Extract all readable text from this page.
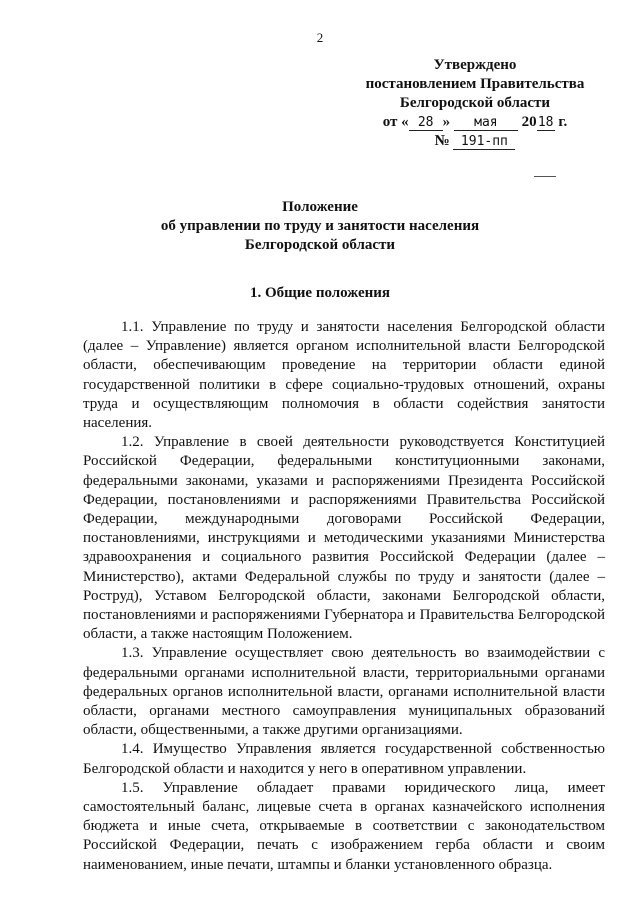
2
Утверждено
постановлением Правительства
Белгородской области
от « 28 » мая 2018 г.
№ 191-пп
Положение
об управлении по труду и занятости населения
Белгородской области
1. Общие положения

1.1. Управление по труду и занятости населения Белгородской области (далее – Управление) является органом исполнительной власти Белгородской области, обеспечивающим проведение на территории области единой государственной политики в сфере социально-трудовых отношений, охраны труда и осуществляющим полномочия в области содействия занятости населения.

1.2. Управление в своей деятельности руководствуется Конституцией Российской Федерации, федеральными конституционными законами, федеральными законами, указами и распоряжениями Президента Российской Федерации, постановлениями и распоряжениями Правительства Российской Федерации, международными договорами Российской Федерации, постановлениями, инструкциями и методическими указаниями Министерства здравоохранения и социального развития Российской Федерации (далее – Министерство), актами Федеральной службы по труду и занятости (далее – Роструд), Уставом Белгородской области, законами Белгородской области, постановлениями и распоряжениями Губернатора и Правительства Белгородской области, а также настоящим Положением.

1.3. Управление осуществляет свою деятельность во взаимодействии с федеральными органами исполнительной власти, территориальными органами федеральных органов исполнительной власти, органами исполнительной власти области, органами местного самоуправления муниципальных образований области, общественными, а также другими организациями.

1.4. Имущество Управления является государственной собственностью Белгородской области и находится у него в оперативном управлении.

1.5. Управление обладает правами юридического лица, имеет самостоятельный баланс, лицевые счета в органах казначейского исполнения бюджета и иные счета, открываемые в соответствии с законодательством Российской Федерации, печать с изображением герба области и своим наименованием, иные печати, штампы и бланки установленного образца.
